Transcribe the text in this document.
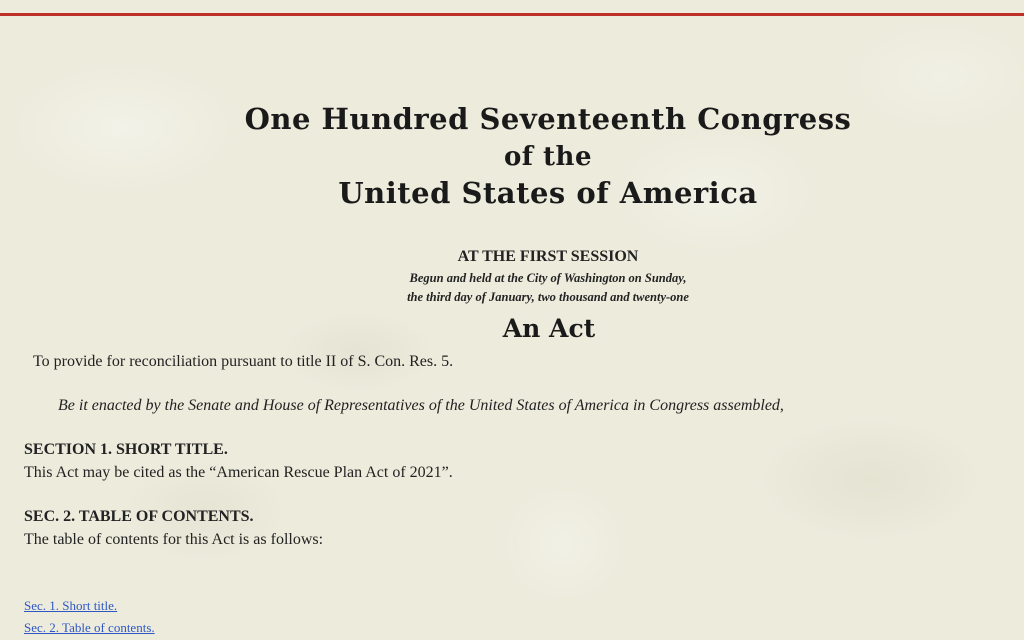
One Hundred Seventeenth Congress
of the
United States of America
AT THE FIRST SESSION
Begun and held at the City of Washington on Sunday,
the third day of January, two thousand and twenty-one
An Act
To provide for reconciliation pursuant to title II of S. Con. Res. 5.
Be it enacted by the Senate and House of Representatives of the United States of America in Congress assembled,
SECTION 1. SHORT TITLE.
This Act may be cited as the “American Rescue Plan Act of 2021”.
SEC. 2. TABLE OF CONTENTS.
The table of contents for this Act is as follows:
Sec. 1. Short title.
Sec. 2. Table of contents.
